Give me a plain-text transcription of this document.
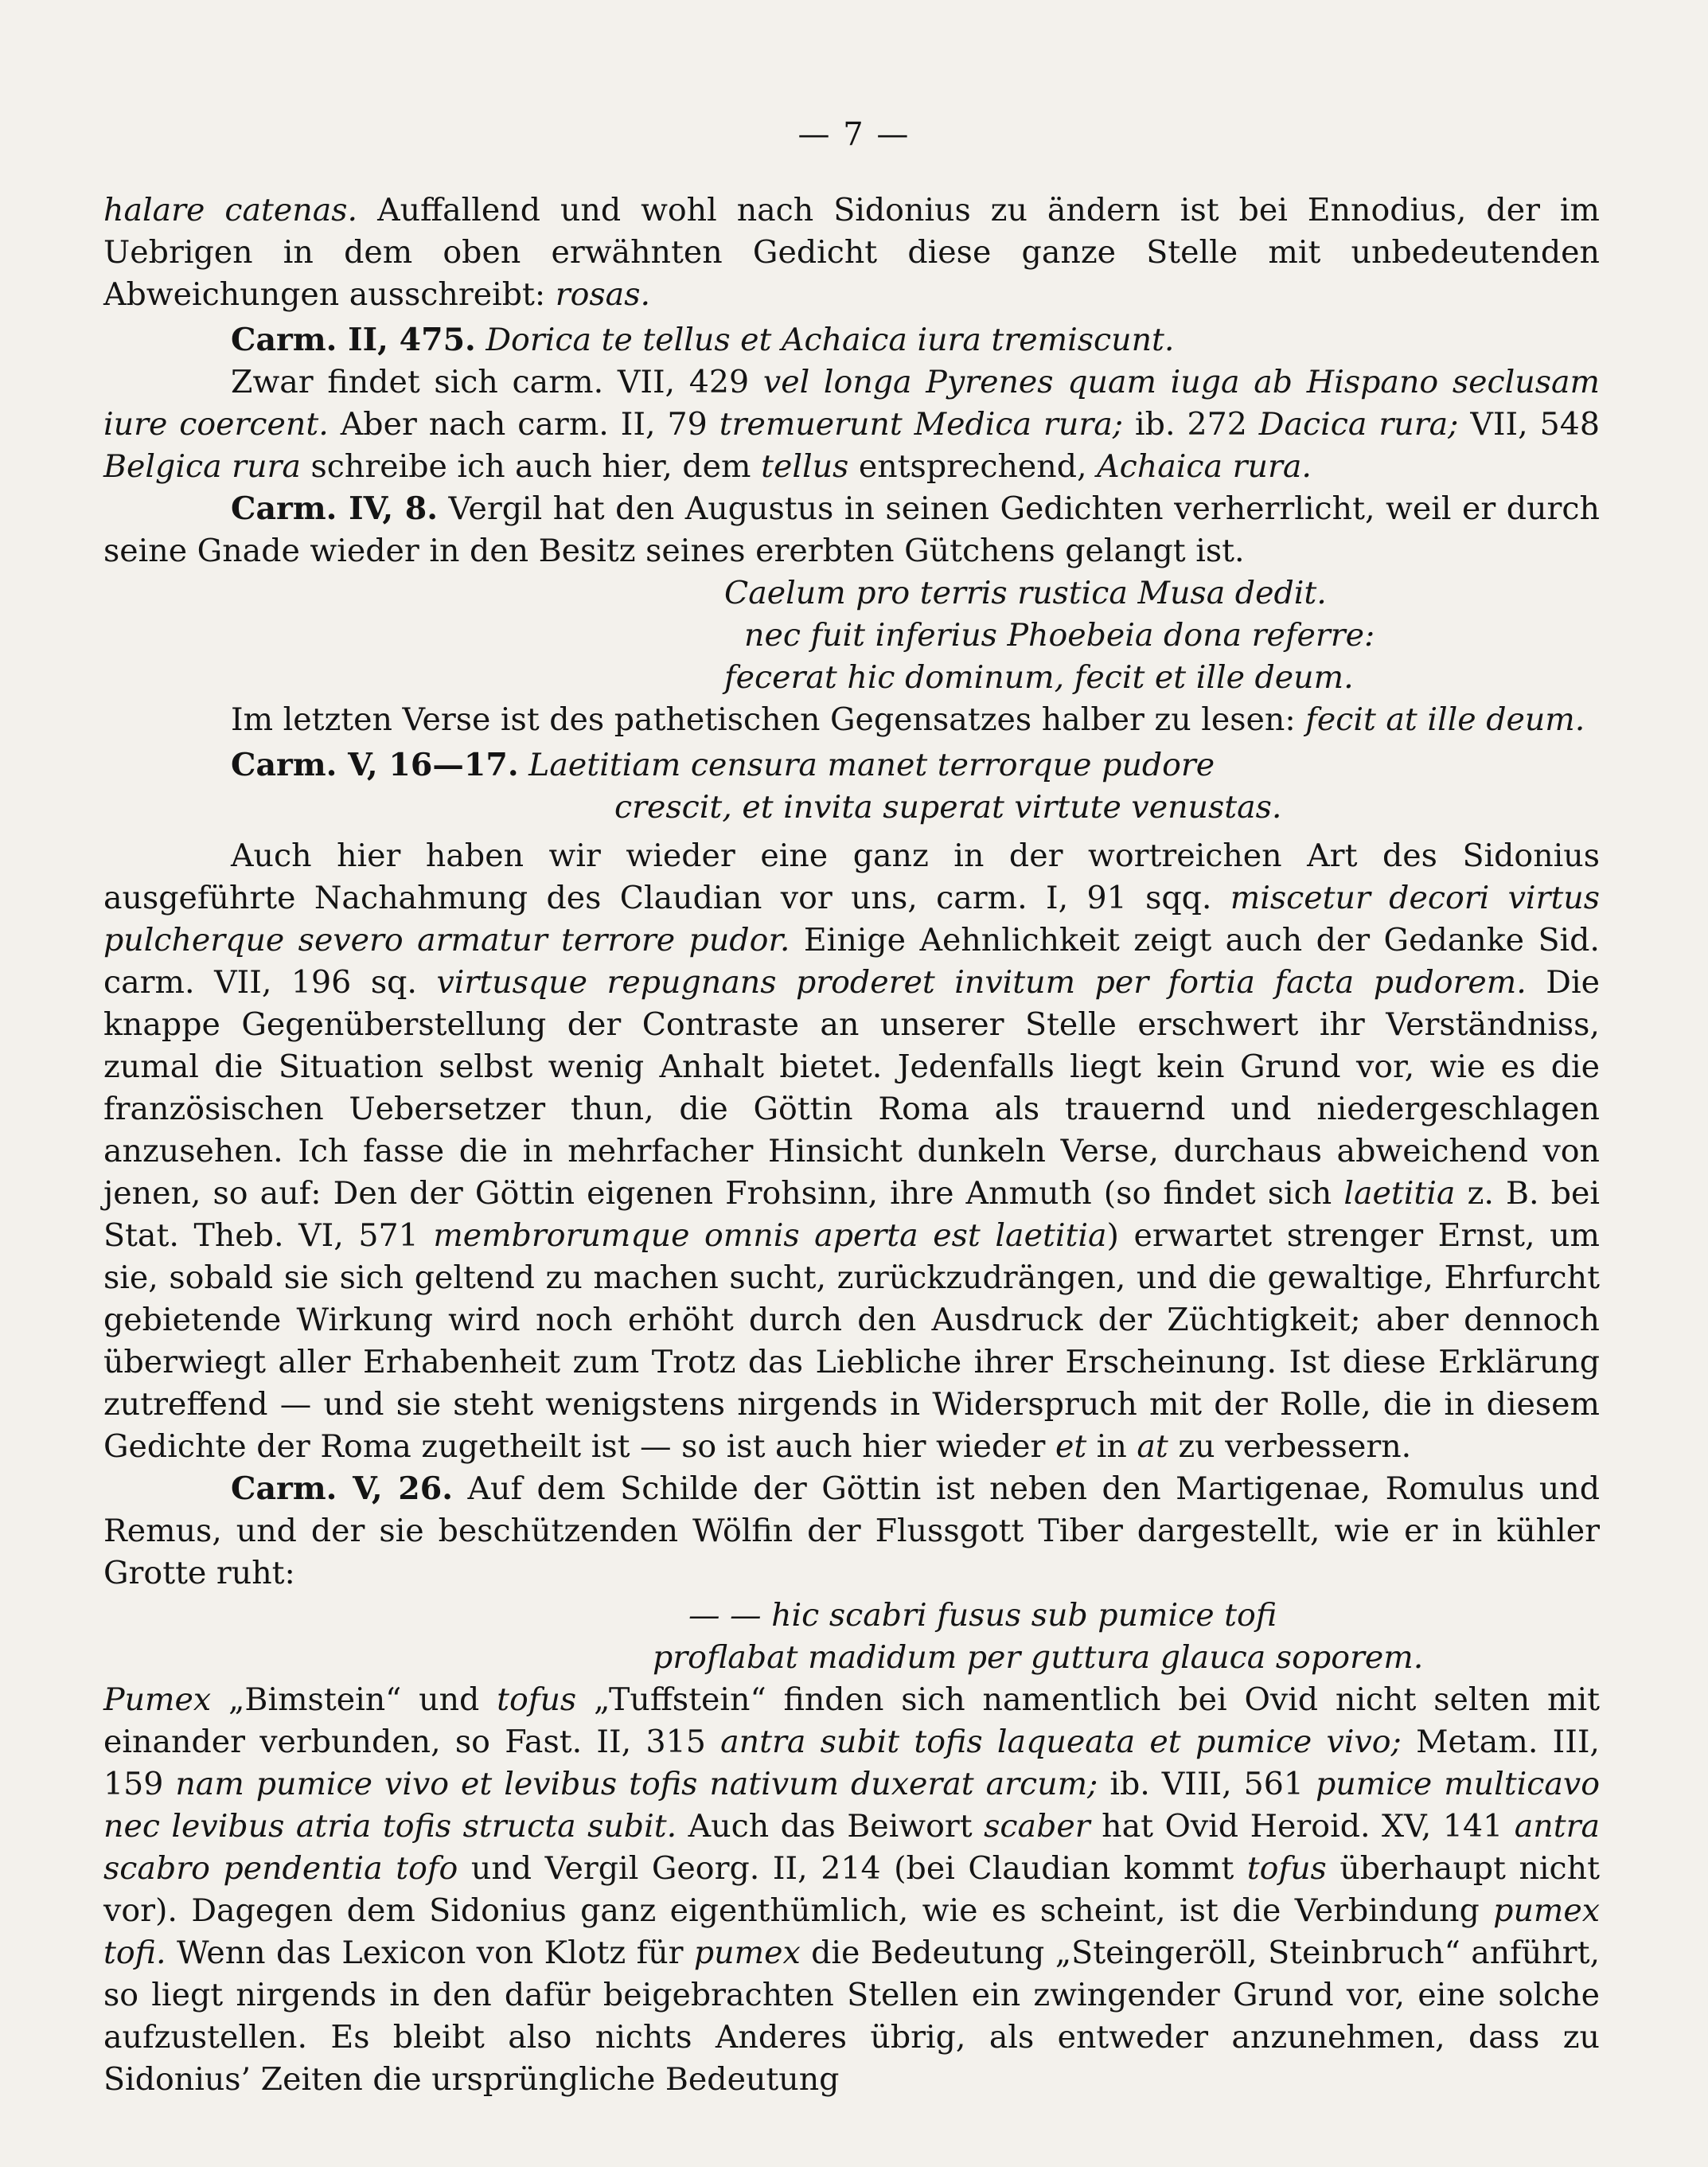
— 7 —

halare catenas. Auffallend und wohl nach Sidonius zu ändern ist bei Ennodius, der im Uebrigen in dem oben erwähnten Gedicht diese ganze Stelle mit unbedeutenden Abweichungen ausschreibt: rosas.

Carm. II, 475. Dorica te tellus et Achaica iura tremiscunt.

Zwar findet sich carm. VII, 429 vel longa Pyrenes quam iuga ab Hispano seclusam iure coercent. Aber nach carm. II, 79 tremuerunt Medica rura; ib. 272 Dacica rura; VII, 548 Belgica rura schreibe ich auch hier, dem tellus entsprechend, Achaica rura.

Carm. IV, 8. Vergil hat den Augustus in seinen Gedichten verherrlicht, weil er durch seine Gnade wieder in den Besitz seines ererbten Gütchens gelangt ist.

Caelum pro terris rustica Musa dedit.
nec fuit inferius Phoebeia dona referre:
fecerat hic dominum, fecit et ille deum.

Im letzten Verse ist des pathetischen Gegensatzes halber zu lesen: fecit at ille deum.

Carm. V, 16—17. Laetitiam censura manet terrorque pudore

crescit, et invita superat virtute venustas.

Auch hier haben wir wieder eine ganz in der wortreichen Art des Sidonius ausgeführte Nachahmung des Claudian vor uns, carm. I, 91 sqq. miscetur decori virtus pulcherque severo armatur terrore pudor. Einige Aehnlichkeit zeigt auch der Gedanke Sid. carm. VII, 196 sq. virtusque repugnans proderet invitum per fortia facta pudorem. Die knappe Gegenüberstellung der Contraste an unserer Stelle erschwert ihr Verständniss, zumal die Situation selbst wenig Anhalt bietet. Jedenfalls liegt kein Grund vor, wie es die französischen Uebersetzer thun, die Göttin Roma als trauernd und niedergeschlagen anzusehen. Ich fasse die in mehrfacher Hinsicht dunkeln Verse, durchaus abweichend von jenen, so auf: Den der Göttin eigenen Frohsinn, ihre Anmuth (so findet sich laetitia z. B. bei Stat. Theb. VI, 571 membrorumque omnis aperta est laetitia) erwartet strenger Ernst, um sie, sobald sie sich geltend zu machen sucht, zurückzudrängen, und die gewaltige, Ehrfurcht gebietende Wirkung wird noch erhöht durch den Ausdruck der Züchtigkeit; aber dennoch überwiegt aller Erhabenheit zum Trotz das Liebliche ihrer Erscheinung. Ist diese Erklärung zutreffend — und sie steht wenigstens nirgends in Widerspruch mit der Rolle, die in diesem Gedichte der Roma zugetheilt ist — so ist auch hier wieder et in at zu verbessern.

Carm. V, 26. Auf dem Schilde der Göttin ist neben den Martigenae, Romulus und Remus, und der sie beschützenden Wölfin der Flussgott Tiber dargestellt, wie er in kühler Grotte ruht:

— — hic scabri fusus sub pumice tofi
proflabat madidum per guttura glauca soporem.

Pumex „Bimstein“ und tofus „Tuffstein“ finden sich namentlich bei Ovid nicht selten mit einander verbunden, so Fast. II, 315 antra subit tofis laqueata et pumice vivo; Metam. III, 159 nam pumice vivo et levibus tofis nativum duxerat arcum; ib. VIII, 561 pumice multicavo nec levibus atria tofis structa subit. Auch das Beiwort scaber hat Ovid Heroid. XV, 141 antra scabro pendentia tofo und Vergil Georg. II, 214 (bei Claudian kommt tofus überhaupt nicht vor). Dagegen dem Sidonius ganz eigenthümlich, wie es scheint, ist die Verbindung pumex tofi. Wenn das Lexicon von Klotz für pumex die Bedeutung „Steingeröll, Steinbruch“ anführt, so liegt nirgends in den dafür beigebrachten Stellen ein zwingender Grund vor, eine solche aufzustellen. Es bleibt also nichts Anderes übrig, als entweder anzunehmen, dass zu Sidonius’ Zeiten die ursprüngliche Bedeutung
